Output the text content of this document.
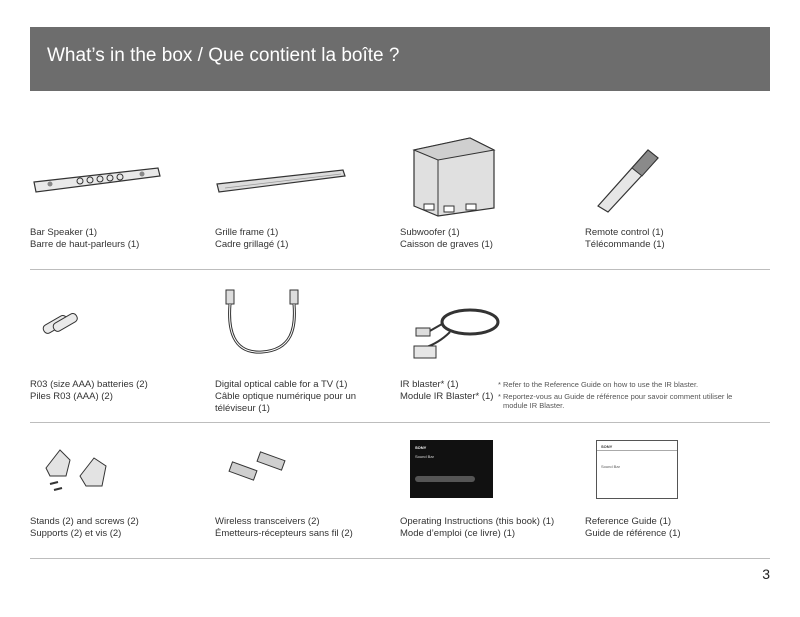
What’s in the box / Que contient la boîte ?
Bar Speaker (1)
Barre de haut-parleurs (1)
Grille frame (1)
Cadre grillagé (1)
Subwoofer (1)
Caisson de graves (1)
Remote control (1)
Télécommande (1)
R03 (size AAA) batteries (2)
Piles R03 (AAA) (2)
Digital optical cable for a TV (1)
Câble optique numérique pour un
téléviseur (1)
IR blaster* (1)
Module IR Blaster* (1)
* Refer to the Reference Guide on how to use the IR blaster.
* Reportez-vous au Guide de référence pour savoir comment utiliser le
module IR Blaster.
SONY
Sound Bar
SONY
Sound Bar
Stands (2) and screws (2)
Supports (2) et vis (2)
Wireless transceivers (2)
Émetteurs-récepteurs sans fil (2)
Operating Instructions (this book) (1)
Mode d’emploi (ce livre) (1)
Reference Guide (1)
Guide de référence (1)
3
